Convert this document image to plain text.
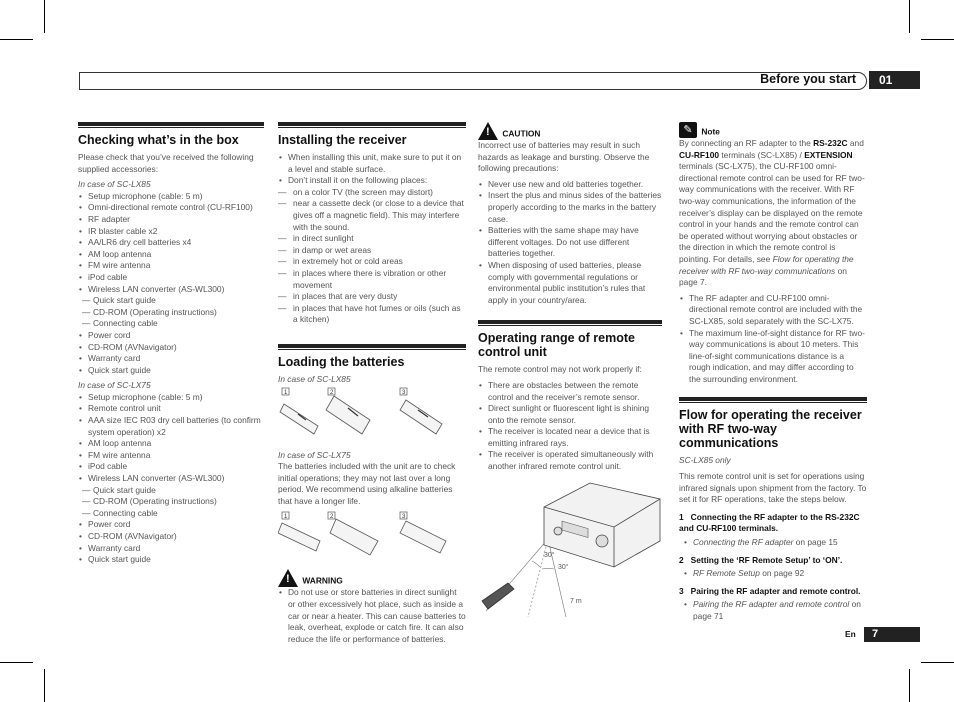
Before you start	01
Checking what’s in the box

Please check that you’ve received the following supplied accessories:

In case of SC-LX85

• Setup microphone (cable: 5 m)
• Omni-directional remote control (CU-RF100)
• RF adapter
• IR blaster cable x2
• AA/LR6 dry cell batteries x4
• AM loop antenna
• FM wire antenna
• iPod cable
• Wireless LAN converter (AS-WL300)
— Quick start guide
— CD-ROM (Operating instructions)
— Connecting cable
• Power cord
• CD-ROM (AVNavigator)
• Warranty card
• Quick start guide

In case of SC-LX75

• Setup microphone (cable: 5 m)
• Remote control unit
• AAA size IEC R03 dry cell batteries (to confirm system operation) x2
• AM loop antenna
• FM wire antenna
• iPod cable
• Wireless LAN converter (AS-WL300)
— Quick start guide
— CD-ROM (Operating instructions)
— Connecting cable
• Power cord
• CD-ROM (AVNavigator)
• Warranty card
• Quick start guide
Installing the receiver
• When installing this unit, make sure to put it on a level and stable surface.
• Don’t install it on the following places:
— on a color TV (the screen may distort)
— near a cassette deck (or close to a device that gives off a magnetic field). This may interfere with the sound.
— in direct sunlight
— in damp or wet areas
— in extremely hot or cold areas
— in places where there is vibration or other movement
— in places that are very dusty
— in places that have hot fumes or oils (such as a kitchen)
Loading the batteries

In case of SC-LX85

1	2	3

In case of SC-LX75

The batteries included with the unit are to check initial operations; they may not last over a long period. We recommend using alkaline batteries that have a longer life.

1	2	3
! WARNING
• Do not use or store batteries in direct sunlight or other excessively hot place, such as inside a car or near a heater. This can cause batteries to leak, overheat, explode or catch fire. It can also reduce the life or performance of batteries.
! CAUTION

Incorrect use of batteries may result in such hazards as leakage and bursting. Observe the following precautions:

• Never use new and old batteries together.
• Insert the plus and minus sides of the batteries properly according to the marks in the battery case.
• Batteries with the same shape may have different voltages. Do not use different batteries together.
• When disposing of used batteries, please comply with governmental regulations or environmental public institution’s rules that apply in your country/area.
Operating range of remote control unit

The remote control may not work properly if:

• There are obstacles between the remote control and the receiver’s remote sensor.
• Direct sunlight or fluorescent light is shining onto the remote sensor.
• The receiver is located near a device that is emitting infrared rays.
• The receiver is operated simultaneously with another infrared remote control unit.
30°
30°
7 m
✎ Note

By connecting an RF adapter to the RS-232C and CU-RF100 terminals (SC-LX85) / EXTENSION terminals (SC-LX75), the CU-RF100 omni-directional remote control can be used for RF two-way communications with the receiver. With RF two-way communications, the information of the receiver’s display can be displayed on the remote control in your hands and the remote control can be operated without worrying about obstacles or the direction in which the remote control is pointing. For details, see Flow for operating the receiver with RF two-way communications on page 7.

• The RF adapter and CU-RF100 omni-directional remote control are included with the SC-LX85, sold separately with the SC-LX75.
• The maximum line-of-sight distance for RF two-way communications is about 10 meters. This line-of-sight communications distance is a rough indication, and may differ according to the surrounding environment.
Flow for operating the receiver with RF two-way communications

SC-LX85 only

This remote control unit is set for operations using infrared signals upon shipment from the factory. To set it for RF operations, take the steps below.

1 Connecting the RF adapter to the RS-232C and CU-RF100 terminals.
• Connecting the RF adapter on page 15
2 Setting the ‘RF Remote Setup’ to ‘ON’.
• RF Remote Setup on page 92
3 Pairing the RF adapter and remote control.
• Pairing the RF adapter and remote control on page 71
En	7
